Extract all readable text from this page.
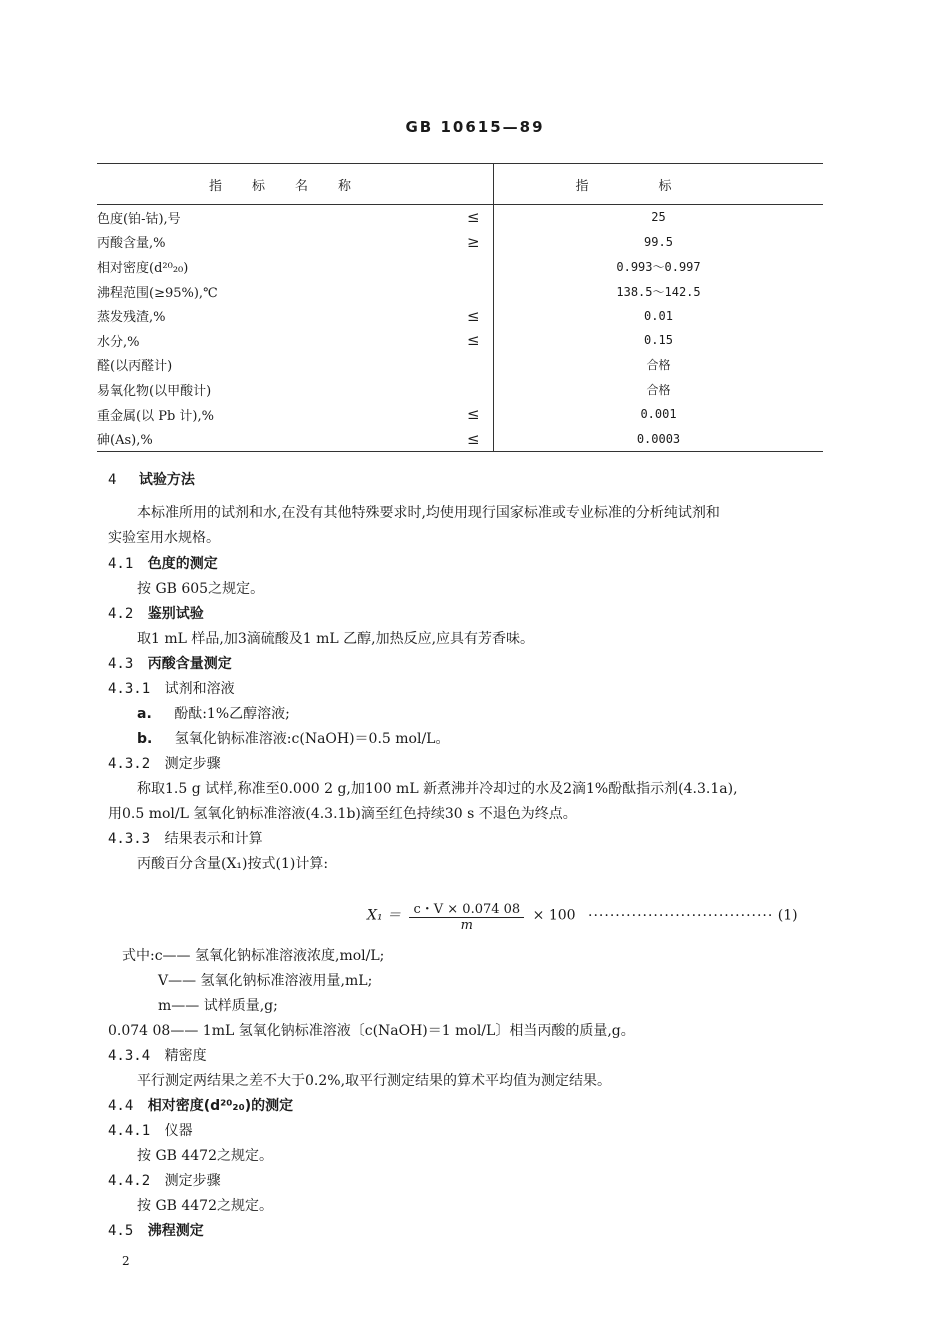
GB 10615—89
指标名称		指标
色度(铂-钴),号	≤	25
丙酸含量,%	≥	99.5
相对密度(d²⁰₂₀)		0.993～0.997
沸程范围(≥95%),℃		138.5～142.5
蒸发残渣,%	≤	0.01
水分,%	≤	0.15
醛(以丙醛计)		合格
易氧化物(以甲酸计)		合格
重金属(以 Pb 计),%	≤	0.001
砷(As),%	≤	0.0003
4 试验方法
本标准所用的试剂和水,在没有其他特殊要求时,均使用现行国家标准或专业标准的分析纯试剂和
实验室用水规格。
4.1 色度的测定
按 GB 605之规定。
4.2 鉴别试验
取1 mL 样品,加3滴硫酸及1 mL 乙醇,加热反应,应具有芳香味。
4.3 丙酸含量测定
4.3.1 试剂和溶液
a. 酚酞:1%乙醇溶液;
b. 氢氧化钠标准溶液:c(NaOH)＝0.5 mol/L。
4.3.2 测定步骤
称取1.5 g 试样,称准至0.000 2 g,加100 mL 新煮沸并冷却过的水及2滴1%酚酞指示剂(4.3.1a),
用0.5 mol/L 氢氧化钠标准溶液(4.3.1b)滴至红色持续30 s 不退色为终点。
4.3.3 结果表示和计算
丙酸百分含量(X₁)按式(1)计算:
$X_1 = \frac{c・V \times 0.074 08}{m} \times 100$ ·································· (1)
式中:c—— 氢氧化钠标准溶液浓度,mol/L;
V—— 氢氧化钠标准溶液用量,mL;
m—— 试样质量,g;
0.074 08—— 1mL 氢氧化钠标准溶液〔c(NaOH)＝1 mol/L〕相当丙酸的质量,g。
4.3.4 精密度
平行测定两结果之差不大于0.2%,取平行测定结果的算术平均值为测定结果。
4.4 相对密度(d²⁰₂₀)的测定
4.4.1 仪器
按 GB 4472之规定。
4.4.2 测定步骤
按 GB 4472之规定。
4.5 沸程测定
2
